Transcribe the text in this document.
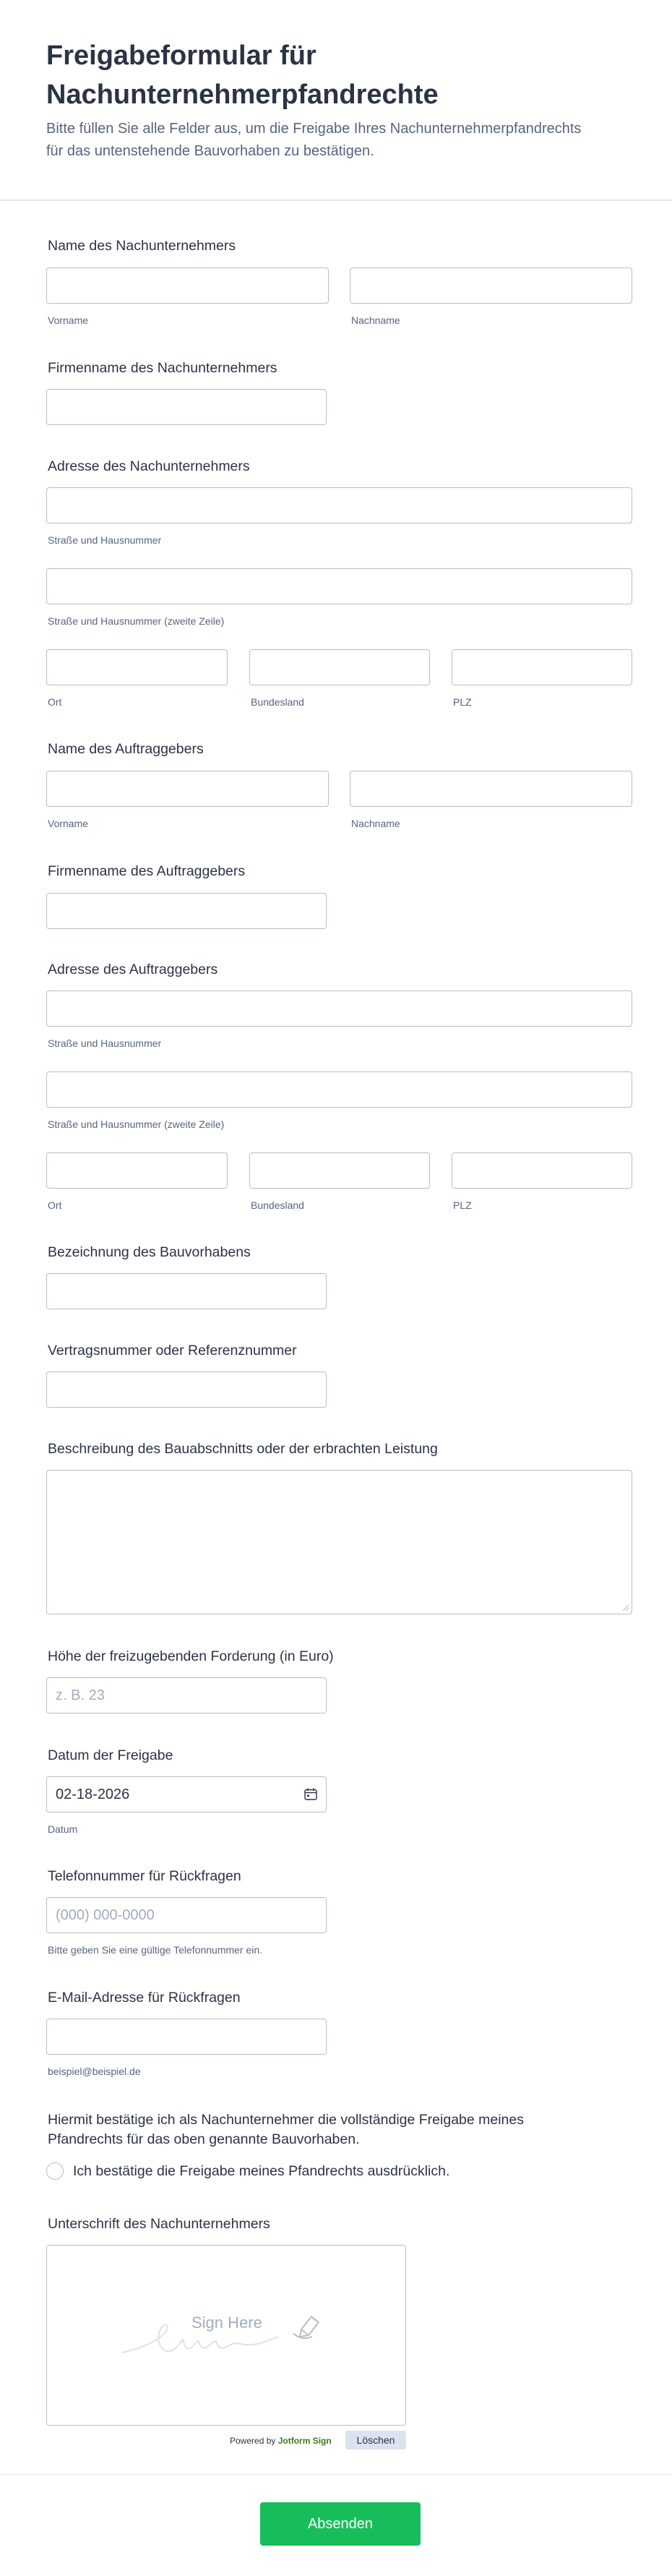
Freigabeformular für
Nachunternehmerpfandrechte
Bitte füllen Sie alle Felder aus, um die Freigabe Ihres Nachunternehmerpfandrechts
für das untenstehende Bauvorhaben zu bestätigen.
Name des Nachunternehmers
Vorname	Nachname
Firmenname des Nachunternehmers
Adresse des Nachunternehmers
Straße und Hausnummer
Straße und Hausnummer (zweite Zeile)
Ort	Bundesland	PLZ
Name des Auftraggebers
Vorname	Nachname
Firmenname des Auftraggebers
Adresse des Auftraggebers
Straße und Hausnummer
Straße und Hausnummer (zweite Zeile)
Ort	Bundesland	PLZ
Bezeichnung des Bauvorhabens
Vertragsnummer oder Referenznummer
Beschreibung des Bauabschnitts oder der erbrachten Leistung
Höhe der freizugebenden Forderung (in Euro)
z. B. 23
Datum der Freigabe
02-18-2026
Datum
Telefonnummer für Rückfragen
(000) 000-0000
Bitte geben Sie eine gültige Telefonnummer ein.
E-Mail-Adresse für Rückfragen
beispiel@beispiel.de
Hiermit bestätige ich als Nachunternehmer die vollständige Freigabe meines
Pfandrechts für das oben genannte Bauvorhaben.
Ich bestätige die Freigabe meines Pfandrechts ausdrücklich.
Unterschrift des Nachunternehmers
Sign Here
Powered by Jotform Sign	Löschen
Absenden
